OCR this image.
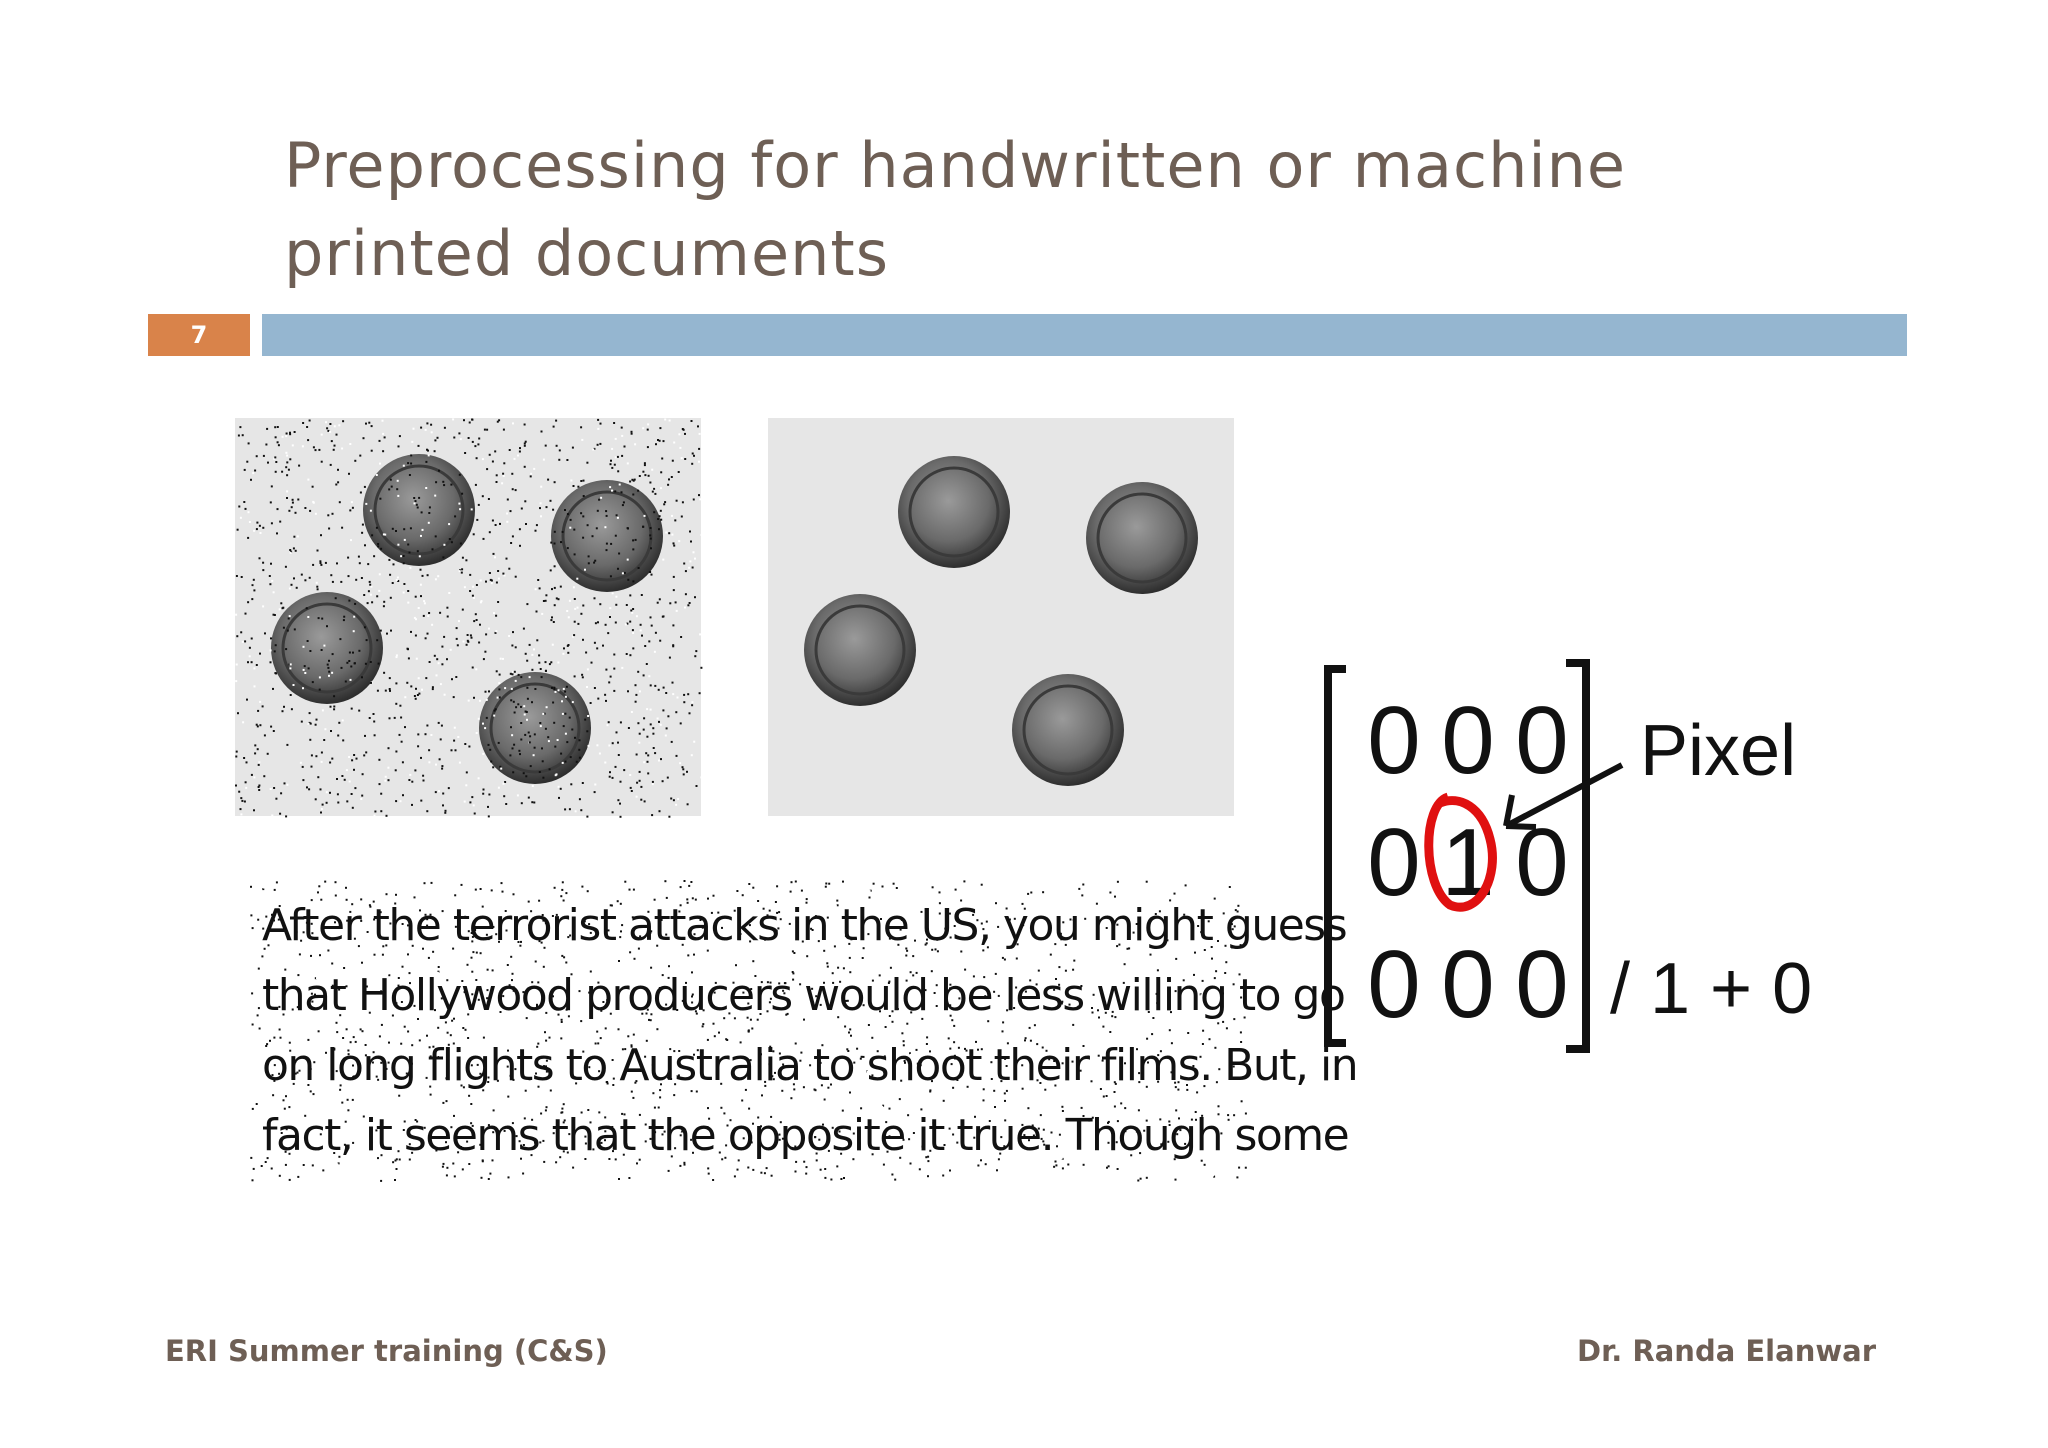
Preprocessing for handwritten or machine printed documents
7
After the terrorist attacks in the US, you might guess
that Hollywood producers would be less willing to go
on long flights to Australia to shoot their films. But, in
fact, it seems that the opposite it true. Though some
0 0 0
0 1 0
0 0 0
Pixel
/ 1 + 0
ERI Summer training (C&S)	Dr. Randa Elanwar
